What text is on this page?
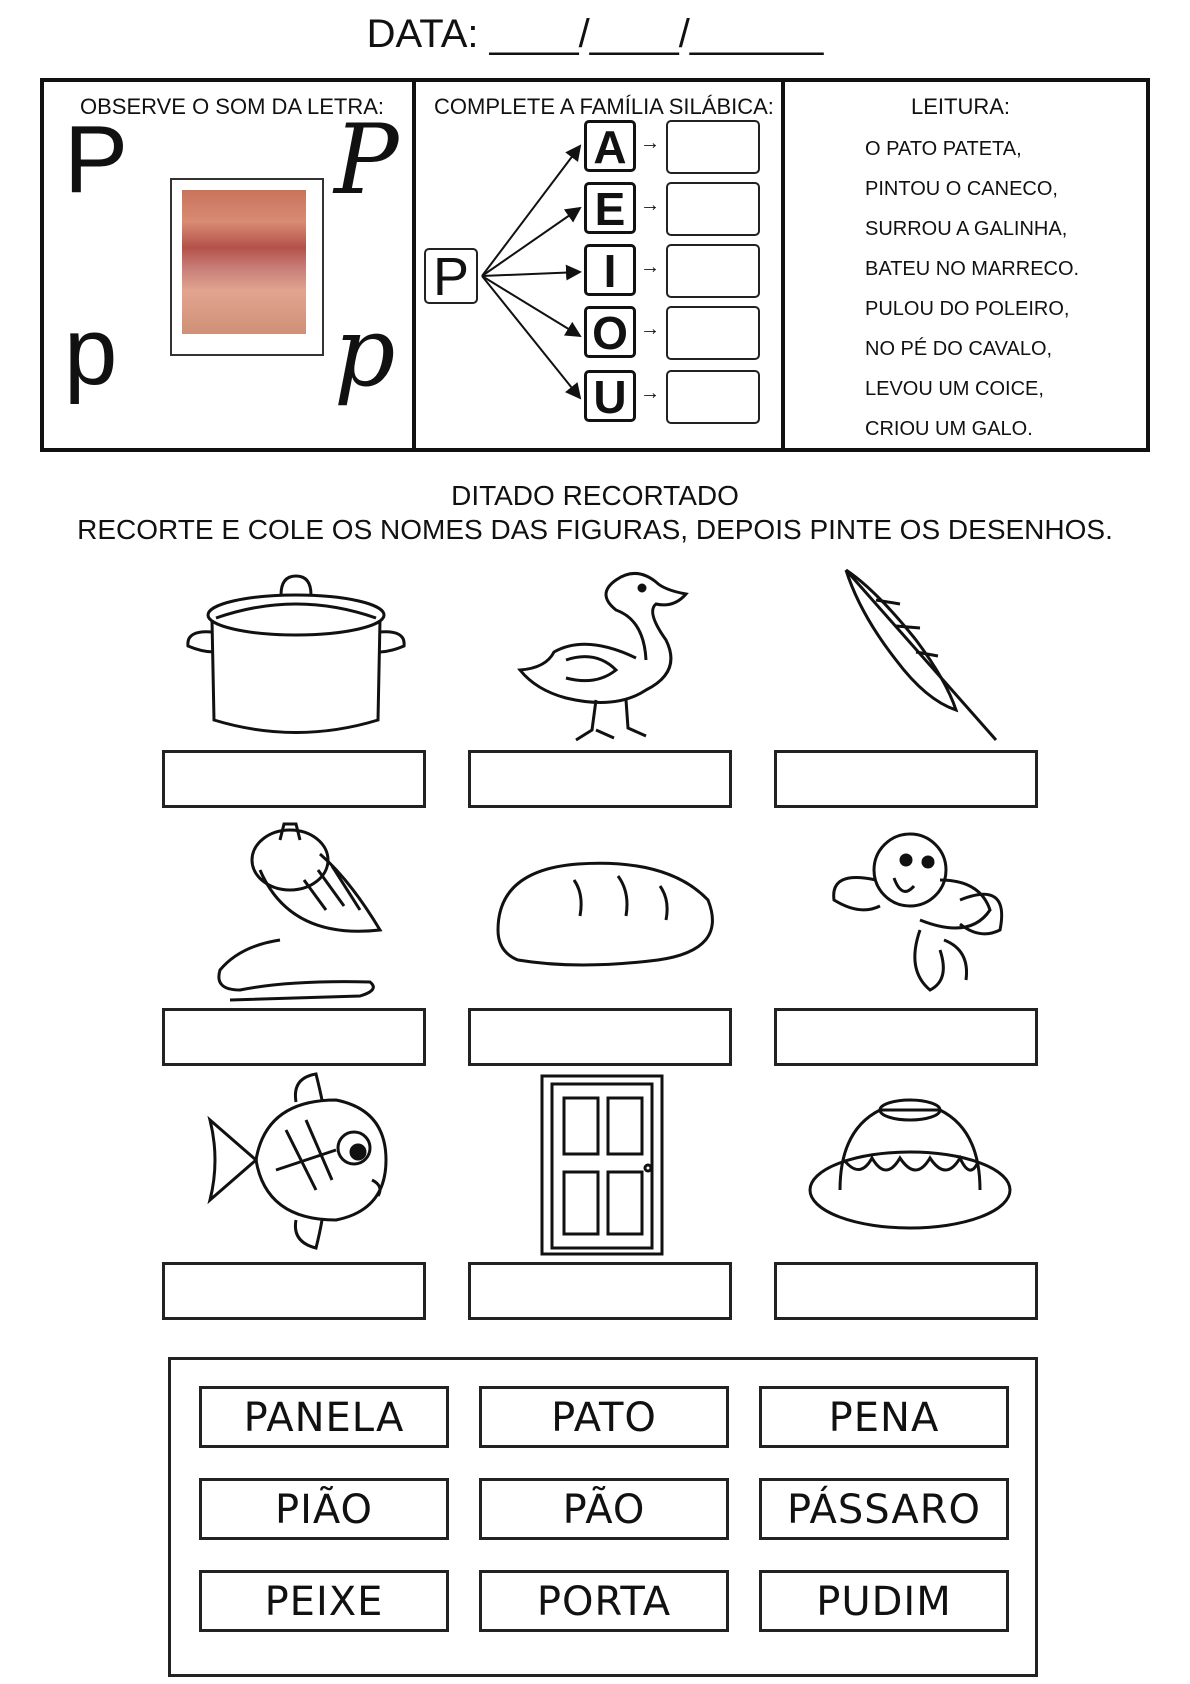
DATA: ____/____/______
OBSERVE O SOM DA LETRA:
P P
p p
COMPLETE A FAMÍLIA SILÁBICA:
P
A
E
I
O
U
→
→
→
→
→
LEITURA:
O PATO PATETA,
PINTOU O CANECO,
SURROU A GALINHA,
BATEU NO MARRECO.
PULOU DO POLEIRO,
NO PÉ DO CAVALO,
LEVOU UM COICE,
CRIOU UM GALO.
DITADO RECORTADO
RECORTE E COLE OS NOMES DAS FIGURAS, DEPOIS PINTE OS DESENHOS.
PANELA	PATO	PENA
PIÃO	PÃO	PÁSSARO
PEIXE	PORTA	PUDIM
